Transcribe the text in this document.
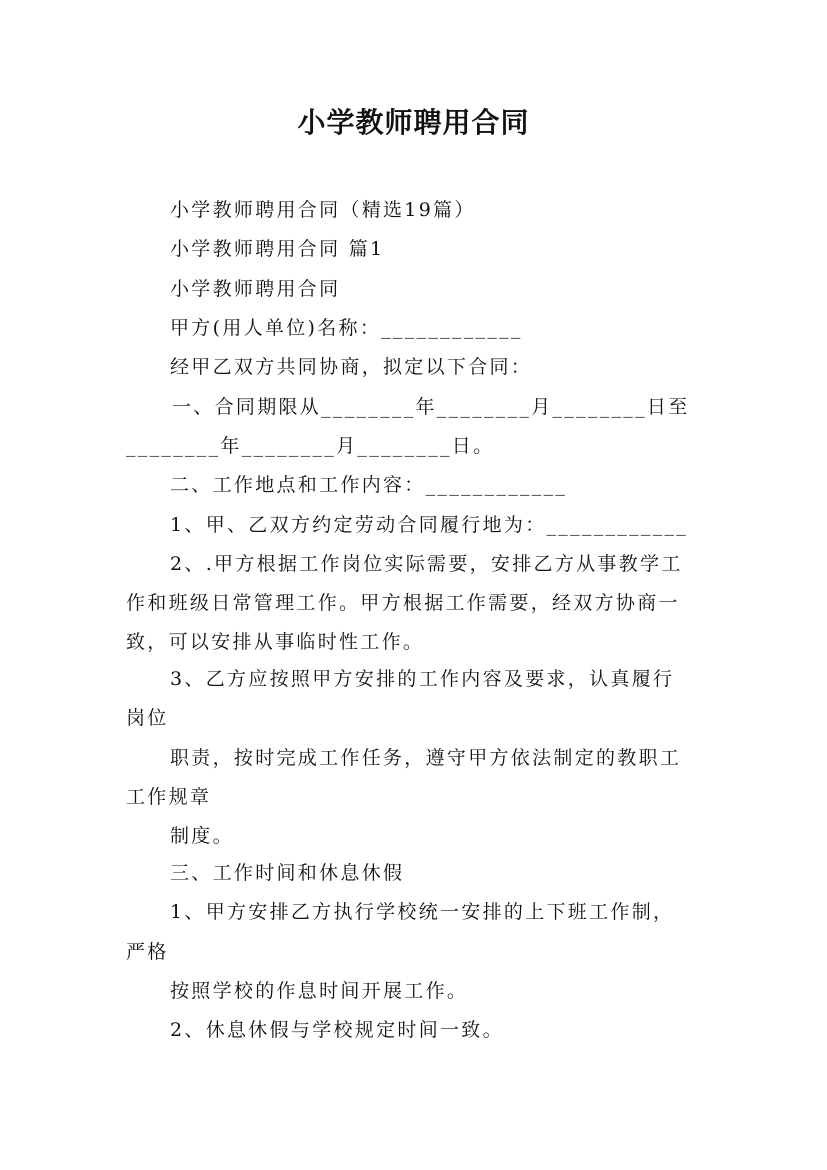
小学教师聘用合同
小学教师聘用合同（精选19篇）
小学教师聘用合同 篇1
小学教师聘用合同
甲方(用人单位)名称：____________
经甲乙双方共同协商，拟定以下合同：
一、合同期限从________年________月________日至
________年________月________日。
二、工作地点和工作内容：____________
1、甲、乙双方约定劳动合同履行地为：____________
2、.甲方根据工作岗位实际需要，安排乙方从事教学工
作和班级日常管理工作。甲方根据工作需要，经双方协商一
致，可以安排从事临时性工作。
3、乙方应按照甲方安排的工作内容及要求，认真履行
岗位
职责，按时完成工作任务，遵守甲方依法制定的教职工
工作规章
制度。
三、工作时间和休息休假
1、甲方安排乙方执行学校统一安排的上下班工作制，
严格
按照学校的作息时间开展工作。
2、休息休假与学校规定时间一致。
